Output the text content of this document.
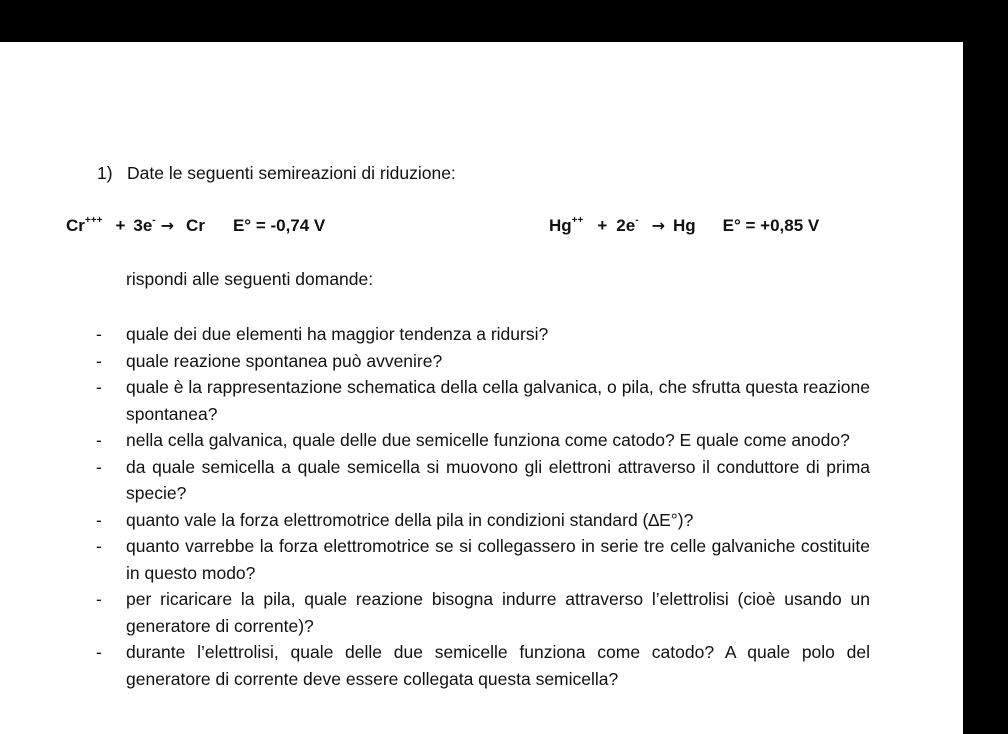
1) Date le seguenti semireazioni di riduzione:
Cr+++ + 3e- → Cr E° = -0,74 V	Hg++ + 2e- → Hg E° = +0,85 V
rispondi alle seguenti domande:
- quale dei due elementi ha maggior tendenza a ridursi?
- quale reazione spontanea può avvenire?
- quale è la rappresentazione schematica della cella galvanica, o pila, che sfrutta questa reazione spontanea?
- nella cella galvanica, quale delle due semicelle funziona come catodo? E quale come anodo?
- da quale semicella a quale semicella si muovono gli elettroni attraverso il conduttore di prima specie?
- quanto vale la forza elettromotrice della pila in condizioni standard (∆E°)?
- quanto varrebbe la forza elettromotrice se si collegassero in serie tre celle galvaniche costituite in questo modo?
- per ricaricare la pila, quale reazione bisogna indurre attraverso l’elettrolisi (cioè usando un generatore di corrente)?
- durante l’elettrolisi, quale delle due semicelle funziona come catodo? A quale polo del generatore di corrente deve essere collegata questa semicella?
